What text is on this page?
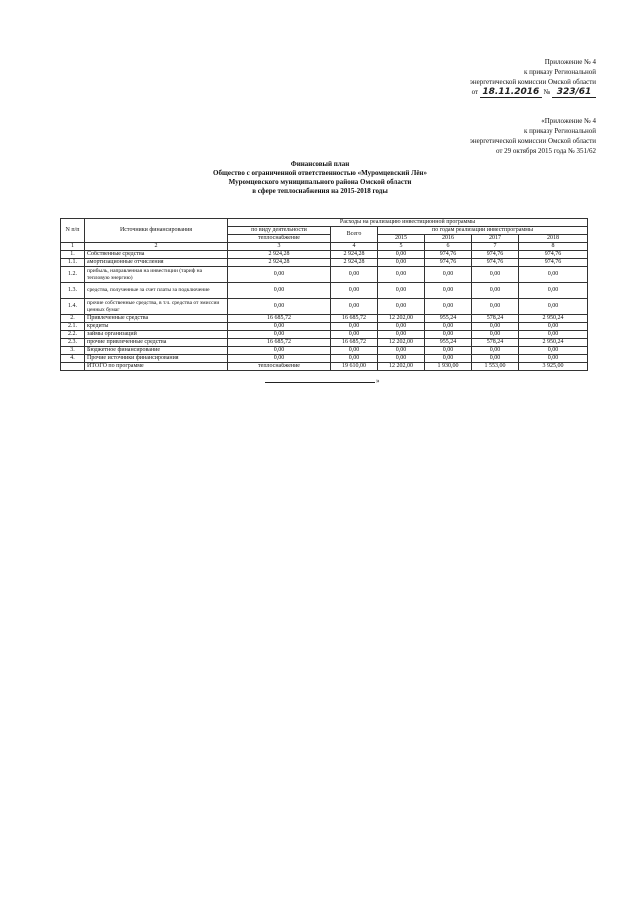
Приложение № 4
к приказу Региональной
энергетической комиссии Омской области
от 18.11.2016 № 323/61
«Приложение № 4
к приказу Региональной
энергетической комиссии Омской области
от 29 октября 2015 года № 351/62
Финансовый план
Общество с ограниченной ответственностью «Муромцевский Лён»
Муромцевского муниципального района Омской области
в сфере теплоснабжения на 2015-2018 годы
N п/п	Источники финансирования	Расходы на реализацию инвестиционной программы					
		по виду деятельности	Всего	по годам реализации инвестпрограммы			
		теплоснабжение		2015	2016	2017	2018
1	2	3	4	5	6	7	8
1.	Собственные средства	2 924,28	2 924,28	0,00	974,76	974,76	974,76
1.1.	амортизационные отчисления	2 924,28	2 924,28	0,00	974,76	974,76	974,76
1.2.	прибыль, направленная на инвестиции (тариф на тепловую энергию)	0,00	0,00	0,00	0,00	0,00	0,00
1.3.	средства, полученные за счет платы за подключение	0,00	0,00	0,00	0,00	0,00	0,00
1.4.	прочие собственные средства, в т.ч. средства от эмиссии ценных бумаг	0,00	0,00	0,00	0,00	0,00	0,00
2.	Привлеченные средства	16 685,72	16 685,72	12 202,00	955,24	578,24	2 950,24
2.1.	кредиты	0,00	0,00	0,00	0,00	0,00	0,00
2.2.	займы организаций	0,00	0,00	0,00	0,00	0,00	0,00
2.3.	прочие привлеченные средства	16 685,72	16 685,72	12 202,00	955,24	578,24	2 950,24
3.	Бюджетное финансирование	0,00	0,00	0,00	0,00	0,00	0,00
4.	Прочие источники финансирования	0,00	0,00	0,00	0,00	0,00	0,00
	ИТОГО по программе	теплоснабжение	19 610,00	12 202,00	1 930,00	1 553,00	3 925,00
»
